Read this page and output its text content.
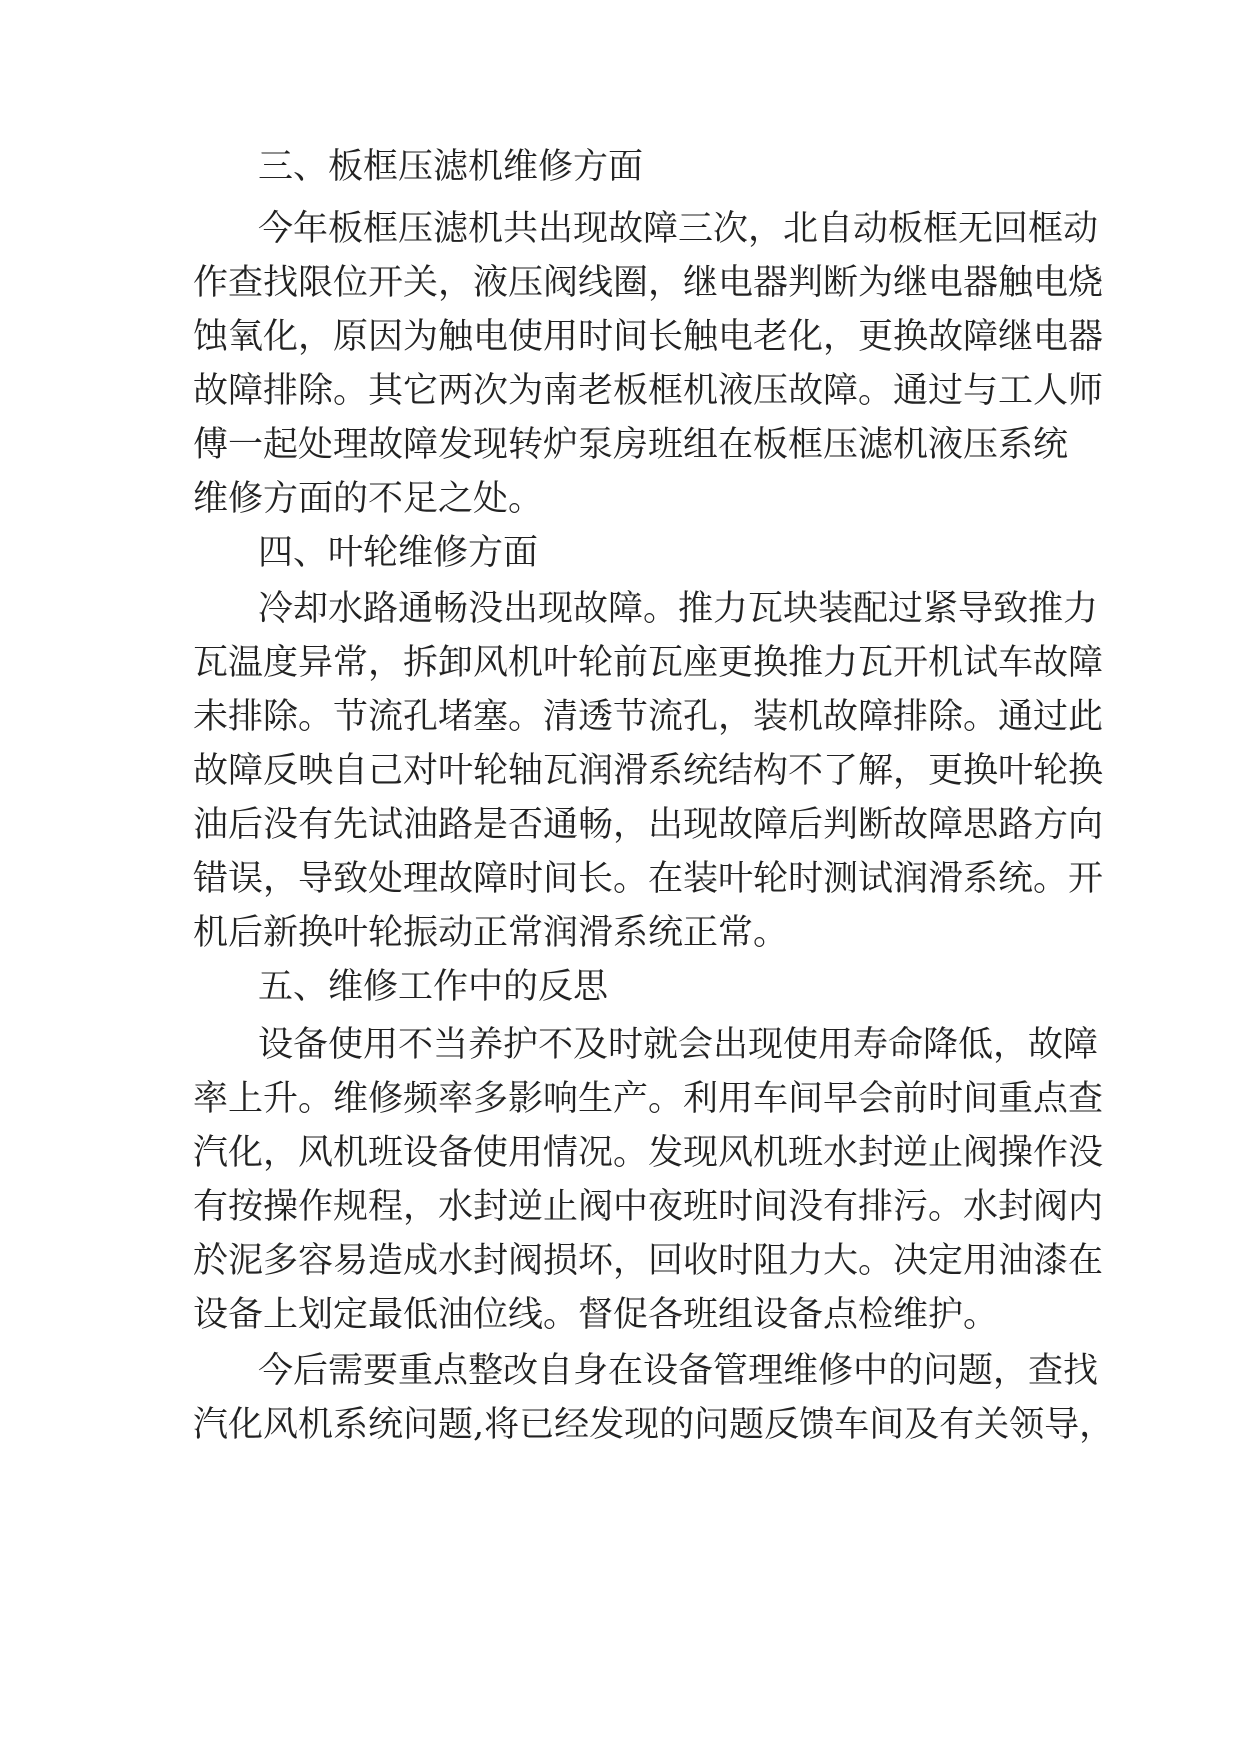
三、板框压滤机维修方面

今年板框压滤机共出现故障三次，北自动板框无回框动

作查找限位开关，液压阀线圈，继电器判断为继电器触电烧

蚀氧化，原因为触电使用时间长触电老化，更换故障继电器

故障排除。其它两次为南老板框机液压故障。通过与工人师

傅一起处理故障发现转炉泵房班组在板框压滤机液压系统

维修方面的不足之处。

四、叶轮维修方面

冷却水路通畅没出现故障。推力瓦块装配过紧导致推力

瓦温度异常，拆卸风机叶轮前瓦座更换推力瓦开机试车故障

未排除。节流孔堵塞。清透节流孔，装机故障排除。通过此

故障反映自己对叶轮轴瓦润滑系统结构不了解，更换叶轮换

油后没有先试油路是否通畅，出现故障后判断故障思路方向

错误，导致处理故障时间长。在装叶轮时测试润滑系统。开

机后新换叶轮振动正常润滑系统正常。

五、维修工作中的反思

设备使用不当养护不及时就会出现使用寿命降低，故障

率上升。维修频率多影响生产。利用车间早会前时间重点查

汽化，风机班设备使用情况。发现风机班水封逆止阀操作没

有按操作规程，水封逆止阀中夜班时间没有排污。水封阀内

於泥多容易造成水封阀损坏，回收时阻力大。决定用油漆在

设备上划定最低油位线。督促各班组设备点检维护。

今后需要重点整改自身在设备管理维修中的问题，查找

汽化风机系统问题,将已经发现的问题反馈车间及有关领导，
